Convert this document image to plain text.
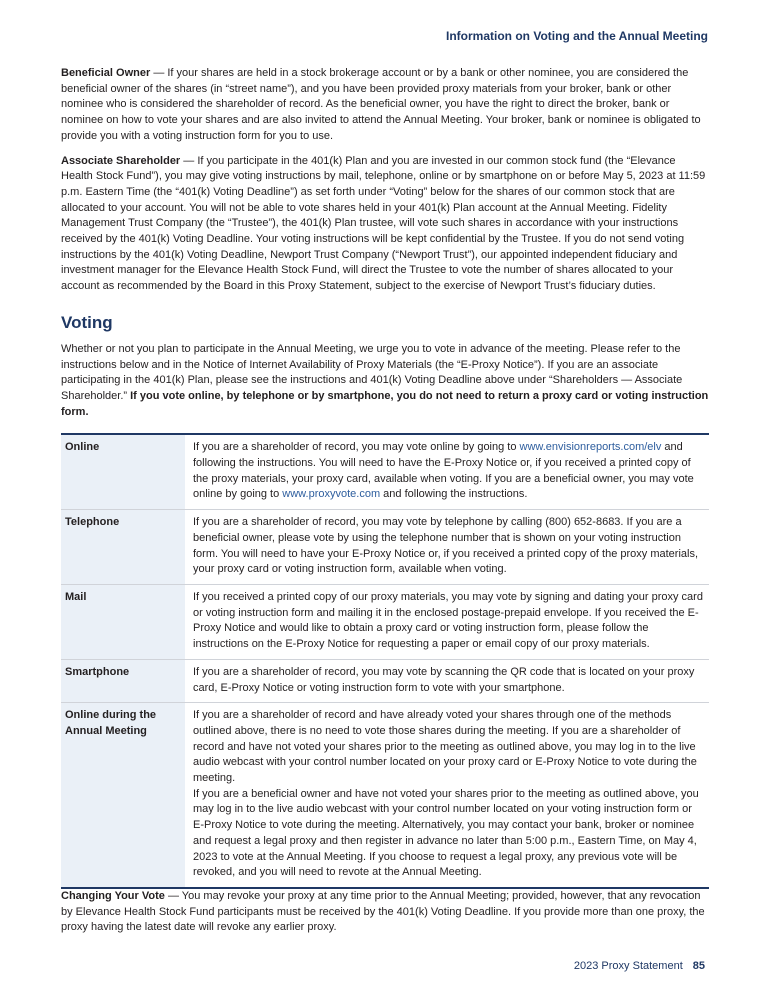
Information on Voting and the Annual Meeting

Beneficial Owner — If your shares are held in a stock brokerage account or by a bank or other nominee, you are considered the beneficial owner of the shares (in “street name”), and you have been provided proxy materials from your broker, bank or other nominee who is considered the shareholder of record. As the beneficial owner, you have the right to direct the broker, bank or nominee on how to vote your shares and are also invited to attend the Annual Meeting. Your broker, bank or nominee is obligated to provide you with a voting instruction form for you to use.

Associate Shareholder — If you participate in the 401(k) Plan and you are invested in our common stock fund (the “Elevance Health Stock Fund”), you may give voting instructions by mail, telephone, online or by smartphone on or before May 5, 2023 at 11:59 p.m. Eastern Time (the “401(k) Voting Deadline”) as set forth under “Voting” below for the shares of our common stock that are allocated to your account. You will not be able to vote shares held in your 401(k) Plan account at the Annual Meeting. Fidelity Management Trust Company (the “Trustee”), the 401(k) Plan trustee, will vote such shares in accordance with your instructions received by the 401(k) Voting Deadline. Your voting instructions will be kept confidential by the Trustee. If you do not send voting instructions by the 401(k) Voting Deadline, Newport Trust Company (“Newport Trust”), our appointed independent fiduciary and investment manager for the Elevance Health Stock Fund, will direct the Trustee to vote the number of shares allocated to your account as recommended by the Board in this Proxy Statement, subject to the exercise of Newport Trust’s fiduciary duties.

Voting

Whether or not you plan to participate in the Annual Meeting, we urge you to vote in advance of the meeting. Please refer to the instructions below and in the Notice of Internet Availability of Proxy Materials (the “E-Proxy Notice”). If you are an associate participating in the 401(k) Plan, please see the instructions and 401(k) Voting Deadline above under “Shareholders — Associate Shareholder.” If you vote online, by telephone or by smartphone, you do not need to return a proxy card or voting instruction form.

Online	If you are a shareholder of record, you may vote online by going to www.envisionreports.com/elv and following the instructions. You will need to have the E-Proxy Notice or, if you received a printed copy of the proxy materials, your proxy card, available when voting. If you are a beneficial owner, you may vote online by going to www.proxyvote.com and following the instructions.
Telephone	If you are a shareholder of record, you may vote by telephone by calling (800) 652-8683. If you are a beneficial owner, please vote by using the telephone number that is shown on your voting instruction form. You will need to have your E-Proxy Notice or, if you received a printed copy of the proxy materials, your proxy card or voting instruction form, available when voting.
Mail	If you received a printed copy of our proxy materials, you may vote by signing and dating your proxy card or voting instruction form and mailing it in the enclosed postage-prepaid envelope. If you received the E-Proxy Notice and would like to obtain a proxy card or voting instruction form, please follow the instructions on the E-Proxy Notice for requesting a paper or email copy of our proxy materials.
Smartphone	If you are a shareholder of record, you may vote by scanning the QR code that is located on your proxy card, E-Proxy Notice or voting instruction form to vote with your smartphone.
Online during the Annual Meeting	If you are a shareholder of record and have already voted your shares through one of the methods outlined above, there is no need to vote those shares during the meeting. If you are a shareholder of record and have not voted your shares prior to the meeting as outlined above, you may log in to the live audio webcast with your control number located on your proxy card or E-Proxy Notice to vote during the meeting.
If you are a beneficial owner and have not voted your shares prior to the meeting as outlined above, you may log in to the live audio webcast with your control number located on your voting instruction form or E-Proxy Notice to vote during the meeting. Alternatively, you may contact your bank, broker or nominee and request a legal proxy and then register in advance no later than 5:00 p.m., Eastern Time, on May 4, 2023 to vote at the Annual Meeting. If you choose to request a legal proxy, any previous vote will be revoked, and you will need to revote at the Annual Meeting.

Changing Your Vote — You may revoke your proxy at any time prior to the Annual Meeting; provided, however, that any revocation by Elevance Health Stock Fund participants must be received by the 401(k) Voting Deadline. If you provide more than one proxy, the proxy having the latest date will revoke any earlier proxy.

2023 Proxy Statement 85
